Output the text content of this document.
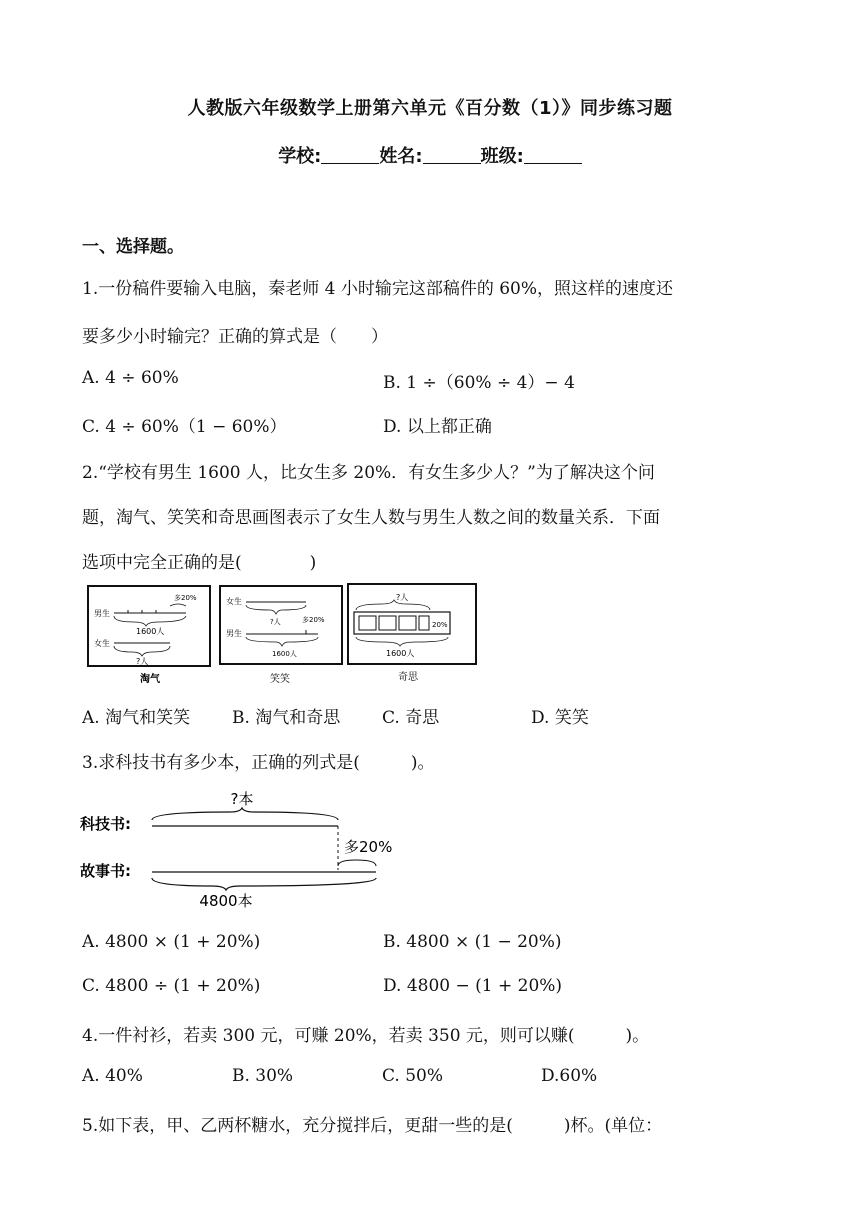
人教版六年级数学上册第六单元《百分数（1）》同步练习题
学校:	姓名:	班级:
一、选择题。
1.一份稿件要输入电脑，秦老师 4 小时输完这部稿件的 60%，照这样的速度还
要多少小时输完？正确的算式是（　　）
A. 4 ÷ 60%	B. 1 ÷（60% ÷ 4）− 4
C. 4 ÷ 60%（1 − 60%）	D. 以上都正确
2.“学校有男生 1600 人，比女生多 20%．有女生多少人？”为了解决这个问
题，淘气、笑笑和奇思画图表示了女生人数与男生人数之间的数量关系．下面
选项中完全正确的是(　　　　)
男生
多20%
1600人
女生
?人
淘气
女生
?人	多20%
男生
1600人
笑笑
?人
20%
1600人
奇思
A. 淘气和笑笑 B. 淘气和奇思 C. 奇思	D. 笑笑
3.求科技书有多少本，正确的列式是(　　　)。
?本
科技书:
多20%
故事书:
4800本
A. 4800 × (1 + 20%)	B. 4800 × (1 − 20%)
C. 4800 ÷ (1 + 20%)	D. 4800 − (1 + 20%)
4.一件衬衫，若卖 300 元，可赚 20%，若卖 350 元，则可以赚(　　　)。
A. 40%	B. 30%	C. 50%	D.60%
5.如下表，甲、乙两杯糖水，充分搅拌后，更甜一些的是(　　　)杯。(单位：
